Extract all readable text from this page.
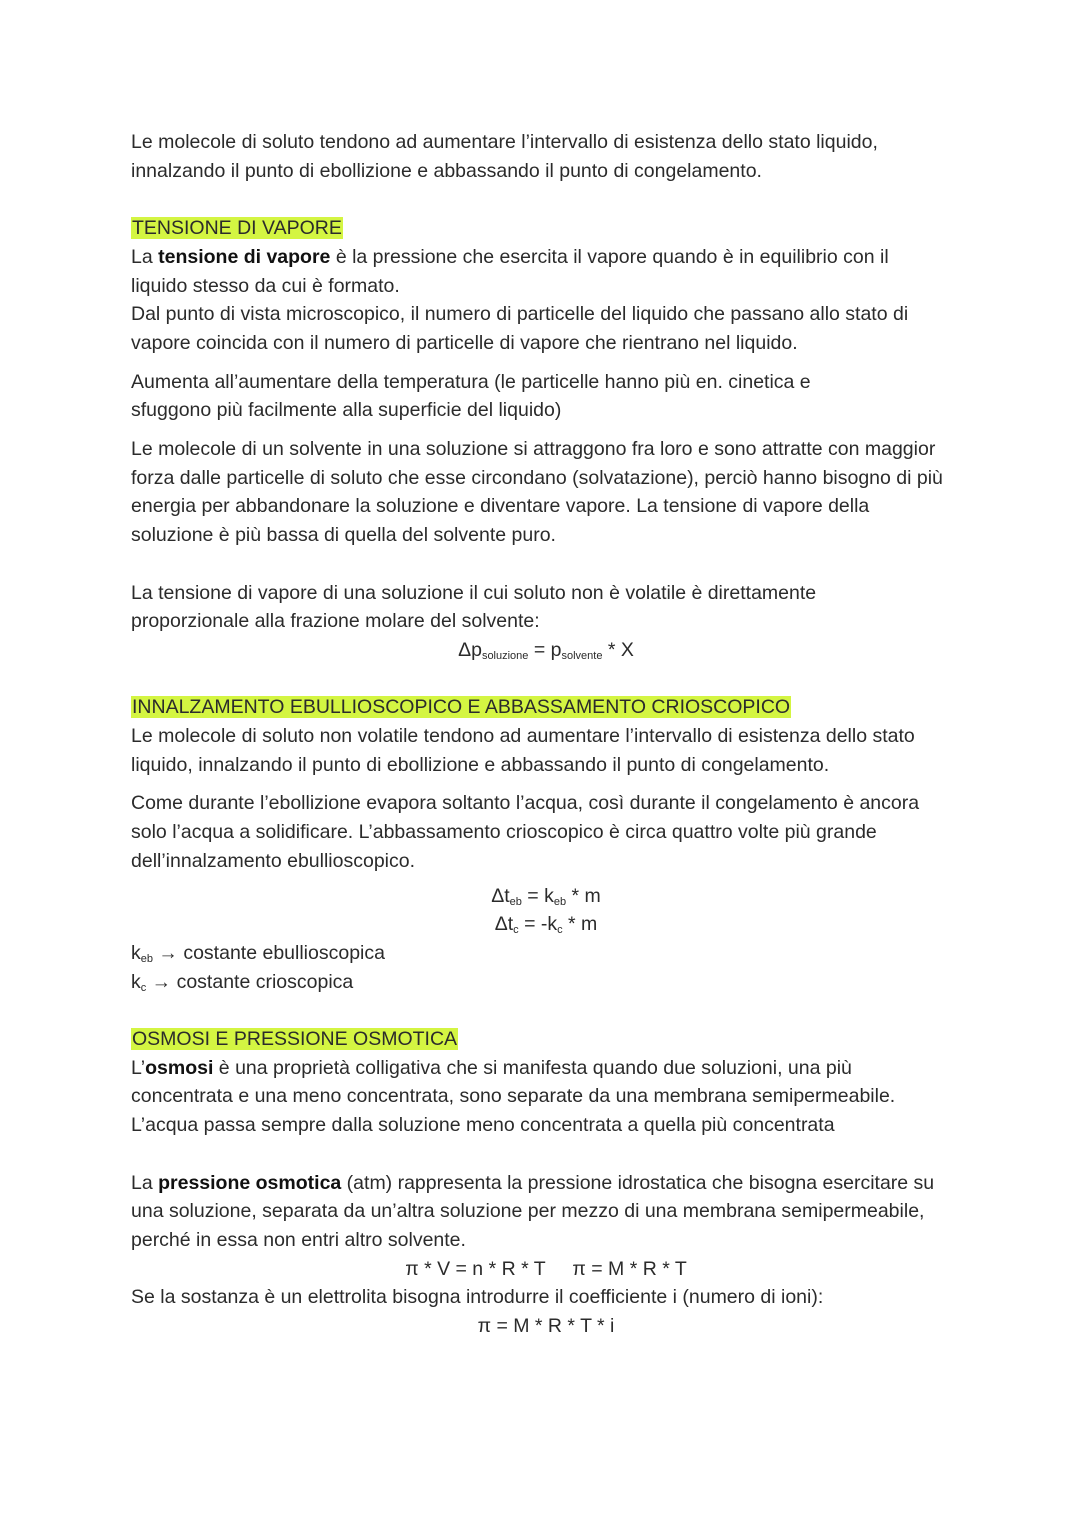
Le molecole di soluto tendono ad aumentare l’intervallo di esistenza dello stato liquido, innalzando il punto di ebollizione e abbassando il punto di congelamento.

TENSIONE DI VAPORE

La tensione di vapore è la pressione che esercita il vapore quando è in equilibrio con il liquido stesso da cui è formato.

Dal punto di vista microscopico, il numero di particelle del liquido che passano allo stato di vapore coincida con il numero di particelle di vapore che rientrano nel liquido.

Aumenta all’aumentare della temperatura (le particelle hanno più en. cinetica e sfuggono più facilmente alla superficie del liquido)

Le molecole di un solvente in una soluzione si attraggono fra loro e sono attratte con maggior forza dalle particelle di soluto che esse circondano (solvatazione), perciò hanno bisogno di più energia per abbandonare la soluzione e diventare vapore. La tensione di vapore della soluzione è più bassa di quella del solvente puro.

La tensione di vapore di una soluzione il cui soluto non è volatile è direttamente proporzionale alla frazione molare del solvente:

$\Delta p_{soluzione} = p_{solvente} * X$

INNALZAMENTO EBULLIOSCOPICO E ABBASSAMENTO CRIOSCOPICO

Le molecole di soluto non volatile tendono ad aumentare l’intervallo di esistenza dello stato liquido, innalzando il punto di ebollizione e abbassando il punto di congelamento.

Come durante l’ebollizione evapora soltanto l’acqua, così durante il congelamento è ancora solo l’acqua a solidificare. L’abbassamento crioscopico è circa quattro volte più grande dell’innalzamento ebullioscopico.

$\Delta t_{eb} = k_{eb} * m$

$\Delta t_c = -k_c * m$

$k_{eb}$ → costante ebullioscopica

$k_c$ → costante crioscopica

OSMOSI E PRESSIONE OSMOTICA

L’osmosi è una proprietà colligativa che si manifesta quando due soluzioni, una più concentrata e una meno concentrata, sono separate da una membrana semipermeabile.

L’acqua passa sempre dalla soluzione meno concentrata a quella più concentrata

La pressione osmotica (atm) rappresenta la pressione idrostatica che bisogna esercitare su una soluzione, separata da un’altra soluzione per mezzo di una membrana semipermeabile, perché in essa non entri altro solvente.

π * V = n * R * T     π = M * R * T

Se la sostanza è un elettrolita bisogna introdurre il coefficiente i (numero di ioni):

π = M * R * T * i
